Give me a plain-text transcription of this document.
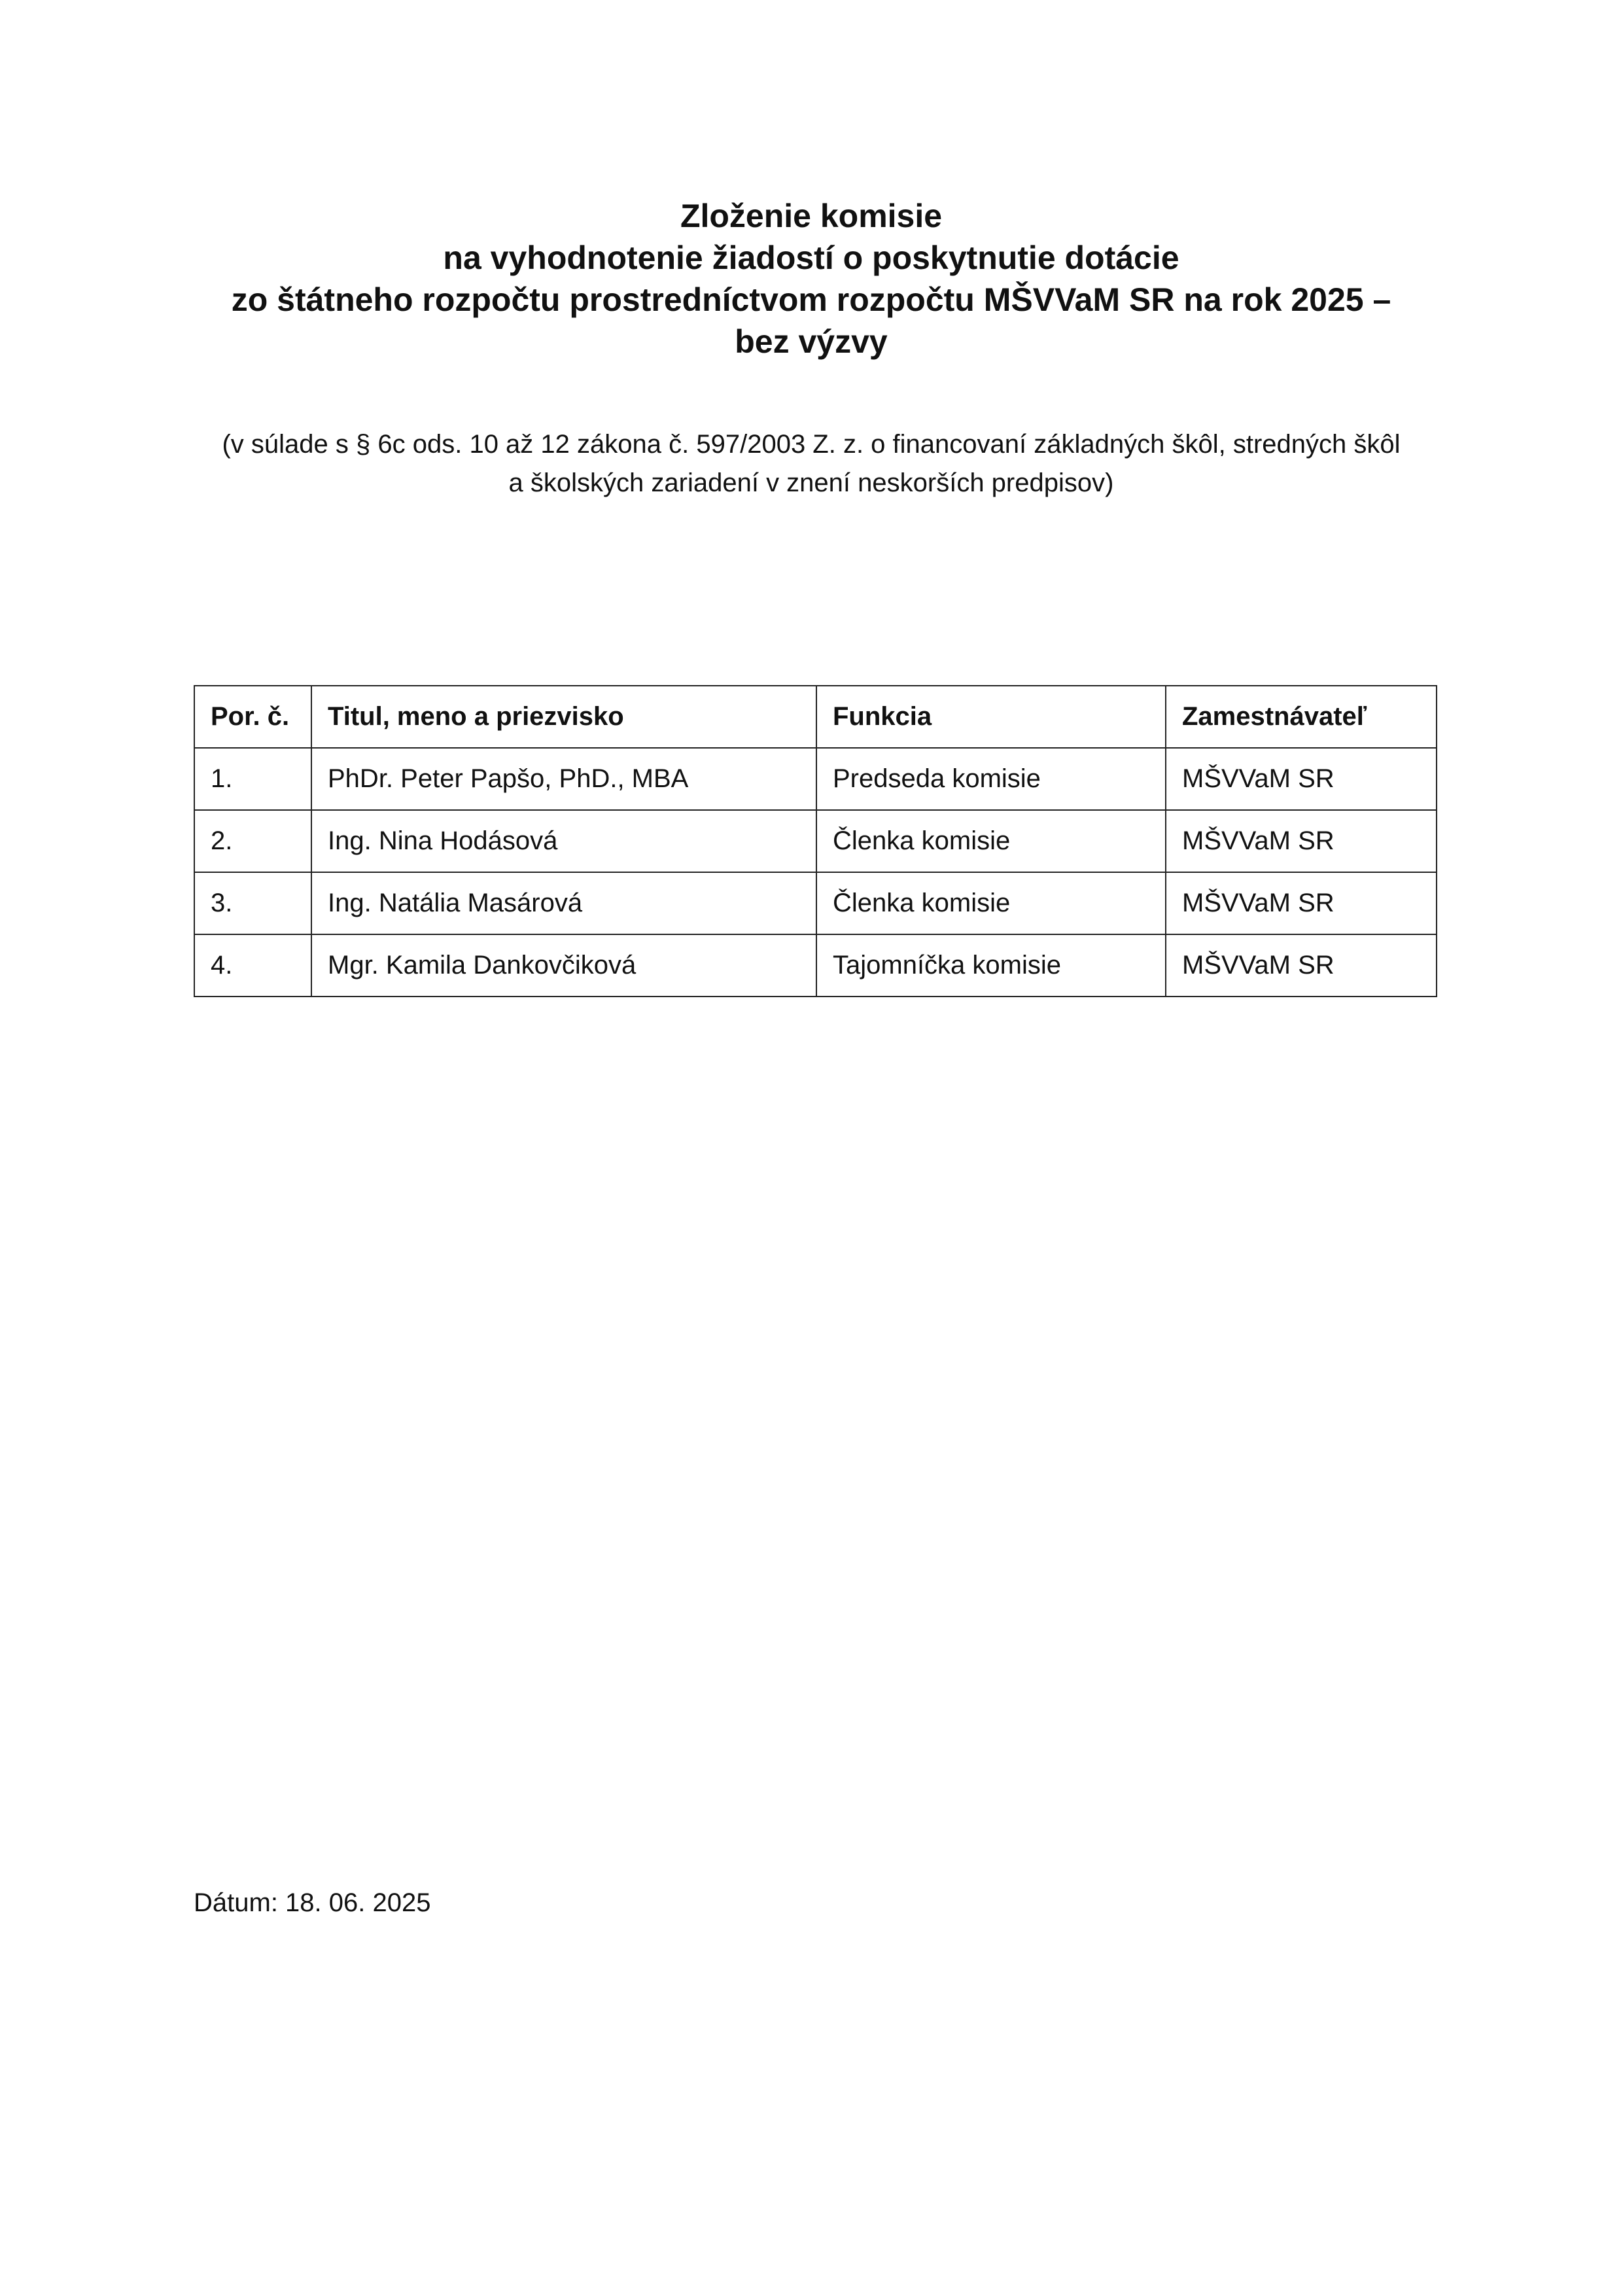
Zloženie komisie

na vyhodnotenie žiadostí o poskytnutie dotácie

zo štátneho rozpočtu prostredníctvom rozpočtu MŠVVaM SR na rok 2025 –

bez výzvy

(v súlade s § 6c ods. 10 až 12 zákona č. 597/2003 Z. z. o financovaní základných škôl, stredných škôl

a školských zariadení v znení neskorších predpisov)

Por. č.	Titul, meno a priezvisko	Funkcia	Zamestnávateľ
1.	PhDr. Peter Papšo, PhD., MBA	Predseda komisie	MŠVVaM SR
2.	Ing. Nina Hodásová	Členka komisie	MŠVVaM SR
3.	Ing. Natália Masárová	Členka komisie	MŠVVaM SR
4.	Mgr. Kamila Dankovčiková	Tajomníčka komisie	MŠVVaM SR
Dátum: 18. 06. 2025
